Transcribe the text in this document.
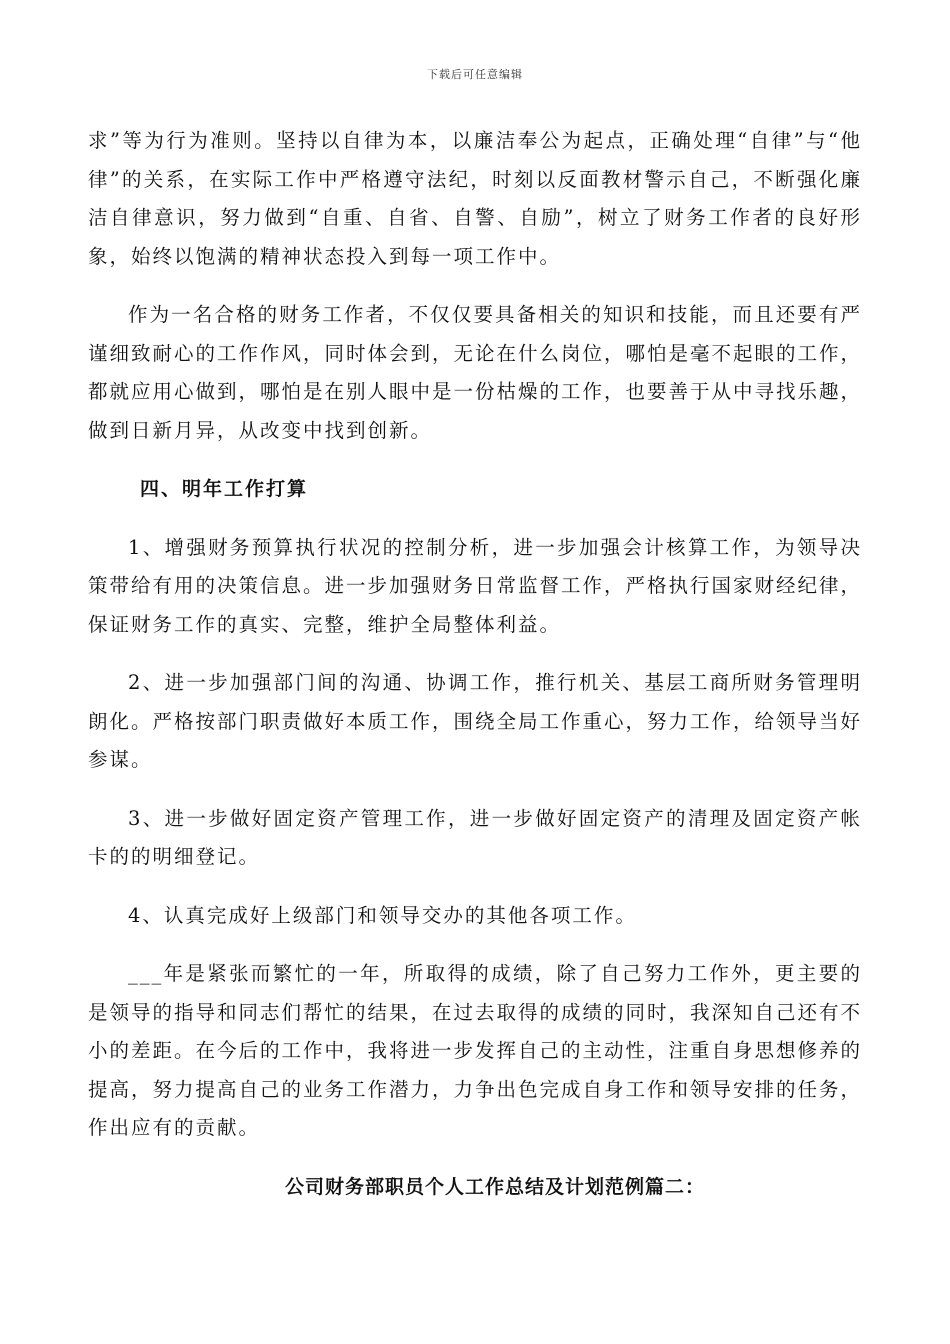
下载后可任意编辑

求”等为行为准则。坚持以自律为本，以廉洁奉公为起点，正确处理“自律”与“他律”的关系，在实际工作中严格遵守法纪，时刻以反面教材警示自己，不断强化廉洁自律意识，努力做到“自重、自省、自警、自励”，树立了财务工作者的良好形象，始终以饱满的精神状态投入到每一项工作中。

作为一名合格的财务工作者，不仅仅要具备相关的知识和技能，而且还要有严谨细致耐心的工作作风，同时体会到，无论在什么岗位，哪怕是毫不起眼的工作，都就应用心做到，哪怕是在别人眼中是一份枯燥的工作，也要善于从中寻找乐趣，做到日新月异，从改变中找到创新。

四、明年工作打算

1、增强财务预算执行状况的控制分析，进一步加强会计核算工作，为领导决策带给有用的决策信息。进一步加强财务日常监督工作，严格执行国家财经纪律，保证财务工作的真实、完整，维护全局整体利益。

2、进一步加强部门间的沟通、协调工作，推行机关、基层工商所财务管理明朗化。严格按部门职责做好本质工作，围绕全局工作重心，努力工作，给领导当好参谋。

3、进一步做好固定资产管理工作，进一步做好固定资产的清理及固定资产帐卡的的明细登记。

4、认真完成好上级部门和领导交办的其他各项工作。

___年是紧张而繁忙的一年，所取得的成绩，除了自己努力工作外，更主要的是领导的指导和同志们帮忙的结果，在过去取得的成绩的同时，我深知自己还有不小的差距。在今后的工作中，我将进一步发挥自己的主动性，注重自身思想修养的提高，努力提高自己的业务工作潜力，力争出色完成自身工作和领导安排的任务，作出应有的贡献。

公司财务部职员个人工作总结及计划范例篇二：
